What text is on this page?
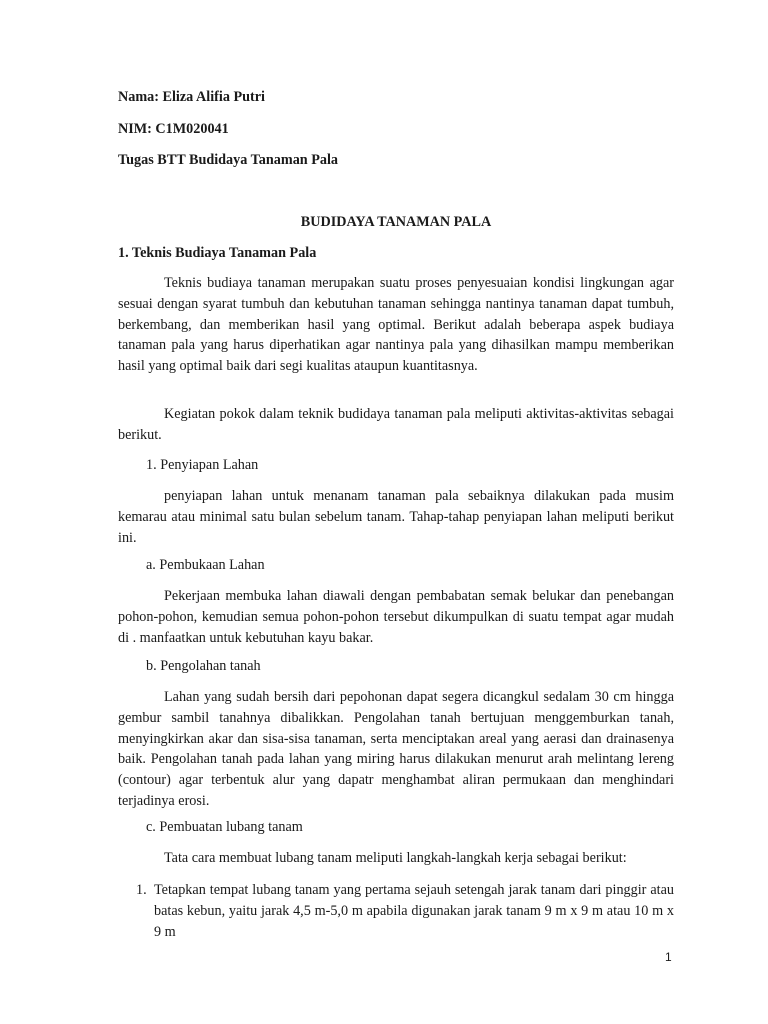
Nama: Eliza Alifia Putri
NIM: C1M020041
Tugas BTT Budidaya Tanaman Pala
BUDIDAYA TANAMAN PALA
1. Teknis Budiaya Tanaman Pala
Teknis budiaya tanaman merupakan suatu proses penyesuaian kondisi lingkungan agar sesuai dengan syarat tumbuh dan kebutuhan tanaman sehingga nantinya tanaman dapat tumbuh, berkembang, dan memberikan hasil yang optimal. Berikut adalah beberapa aspek budiaya tanaman pala yang harus diperhatikan agar nantinya pala yang dihasilkan mampu memberikan hasil yang optimal baik dari segi kualitas ataupun kuantitasnya.
Kegiatan pokok dalam teknik budidaya tanaman pala meliputi aktivitas-aktivitas sebagai berikut.
1. Penyiapan Lahan
penyiapan lahan untuk menanam tanaman pala sebaiknya dilakukan pada musim kemarau atau minimal satu bulan sebelum tanam. Tahap-tahap penyiapan lahan meliputi berikut ini.
a. Pembukaan Lahan
Pekerjaan membuka lahan diawali dengan pembabatan semak belukar dan penebangan pohon-pohon, kemudian semua pohon-pohon tersebut dikumpulkan di suatu tempat agar mudah di . manfaatkan untuk kebutuhan kayu bakar.
b. Pengolahan tanah
Lahan yang sudah bersih dari pepohonan dapat segera dicangkul sedalam 30 cm hingga gembur sambil tanahnya dibalikkan. Pengolahan tanah bertujuan menggemburkan tanah, menyingkirkan akar dan sisa-sisa tanaman, serta menciptakan areal yang aerasi dan drainasenya baik. Pengolahan tanah pada lahan yang miring harus dilakukan menurut arah melintang lereng (contour) agar terbentuk alur yang dapatr menghambat aliran permukaan dan menghindari terjadinya erosi.
c. Pembuatan lubang tanam
Tata cara membuat lubang tanam meliputi langkah-langkah kerja sebagai berikut:
1. Tetapkan tempat lubang tanam yang pertama sejauh setengah jarak tanam dari pinggir atau batas kebun, yaitu jarak 4,5 m-5,0 m apabila digunakan jarak tanam 9 m x 9 m atau 10 m x 9 m
1
